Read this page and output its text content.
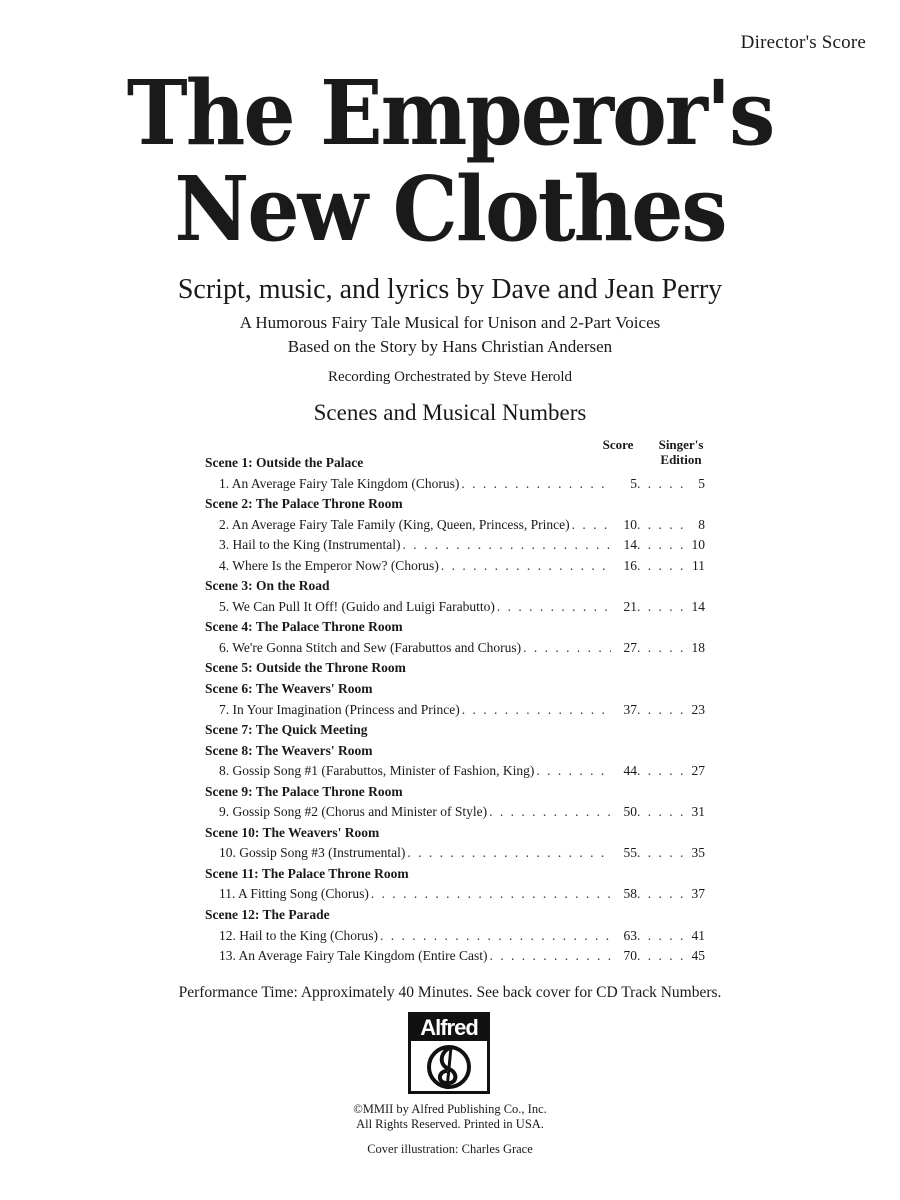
Director's Score
The Emperor's
New Clothes
Script, music, and lyrics by Dave and Jean Perry
A Humorous Fairy Tale Musical for Unison and 2-Part Voices
Based on the Story by Hans Christian Andersen
Recording Orchestrated by Steve Herold
Scenes and Musical Numbers
Score	Singer's Edition
Scene 1: Outside the Palace
1. An Average Fairy Tale Kingdom (Chorus) . . .	5 . . .	5
Scene 2: The Palace Throne Room
2. An Average Fairy Tale Family (King, Queen, Princess, Prince) . . .	10 . . .	8
3. Hail to the King (Instrumental) . . .	14 . . .	10
4. Where Is the Emperor Now? (Chorus) . . .	16 . . .	11
Scene 3: On the Road
5. We Can Pull It Off! (Guido and Luigi Farabutto) . . .	21 . . .	14
Scene 4: The Palace Throne Room
6. We're Gonna Stitch and Sew (Farabuttos and Chorus) . . .	27 . . .	18
Scene 5: Outside the Throne Room
Scene 6: The Weavers' Room
7. In Your Imagination (Princess and Prince) . . .	37 . . .	23
Scene 7: The Quick Meeting
Scene 8: The Weavers' Room
8. Gossip Song #1 (Farabuttos, Minister of Fashion, King) . . .	44 . . .	27
Scene 9: The Palace Throne Room
9. Gossip Song #2 (Chorus and Minister of Style) . . .	50 . . .	31
Scene 10: The Weavers' Room
10. Gossip Song #3 (Instrumental) . . .	55 . . .	35
Scene 11: The Palace Throne Room
11. A Fitting Song (Chorus) . . .	58 . . .	37
Scene 12: The Parade
12. Hail to the King (Chorus) . . .	63 . . .	41
13. An Average Fairy Tale Kingdom (Entire Cast) . . .	70 . . .	45
Performance Time: Approximately 40 Minutes. See back cover for CD Track Numbers.
Alfred
©MMII by Alfred Publishing Co., Inc.
All Rights Reserved. Printed in USA.
Cover illustration: Charles Grace
